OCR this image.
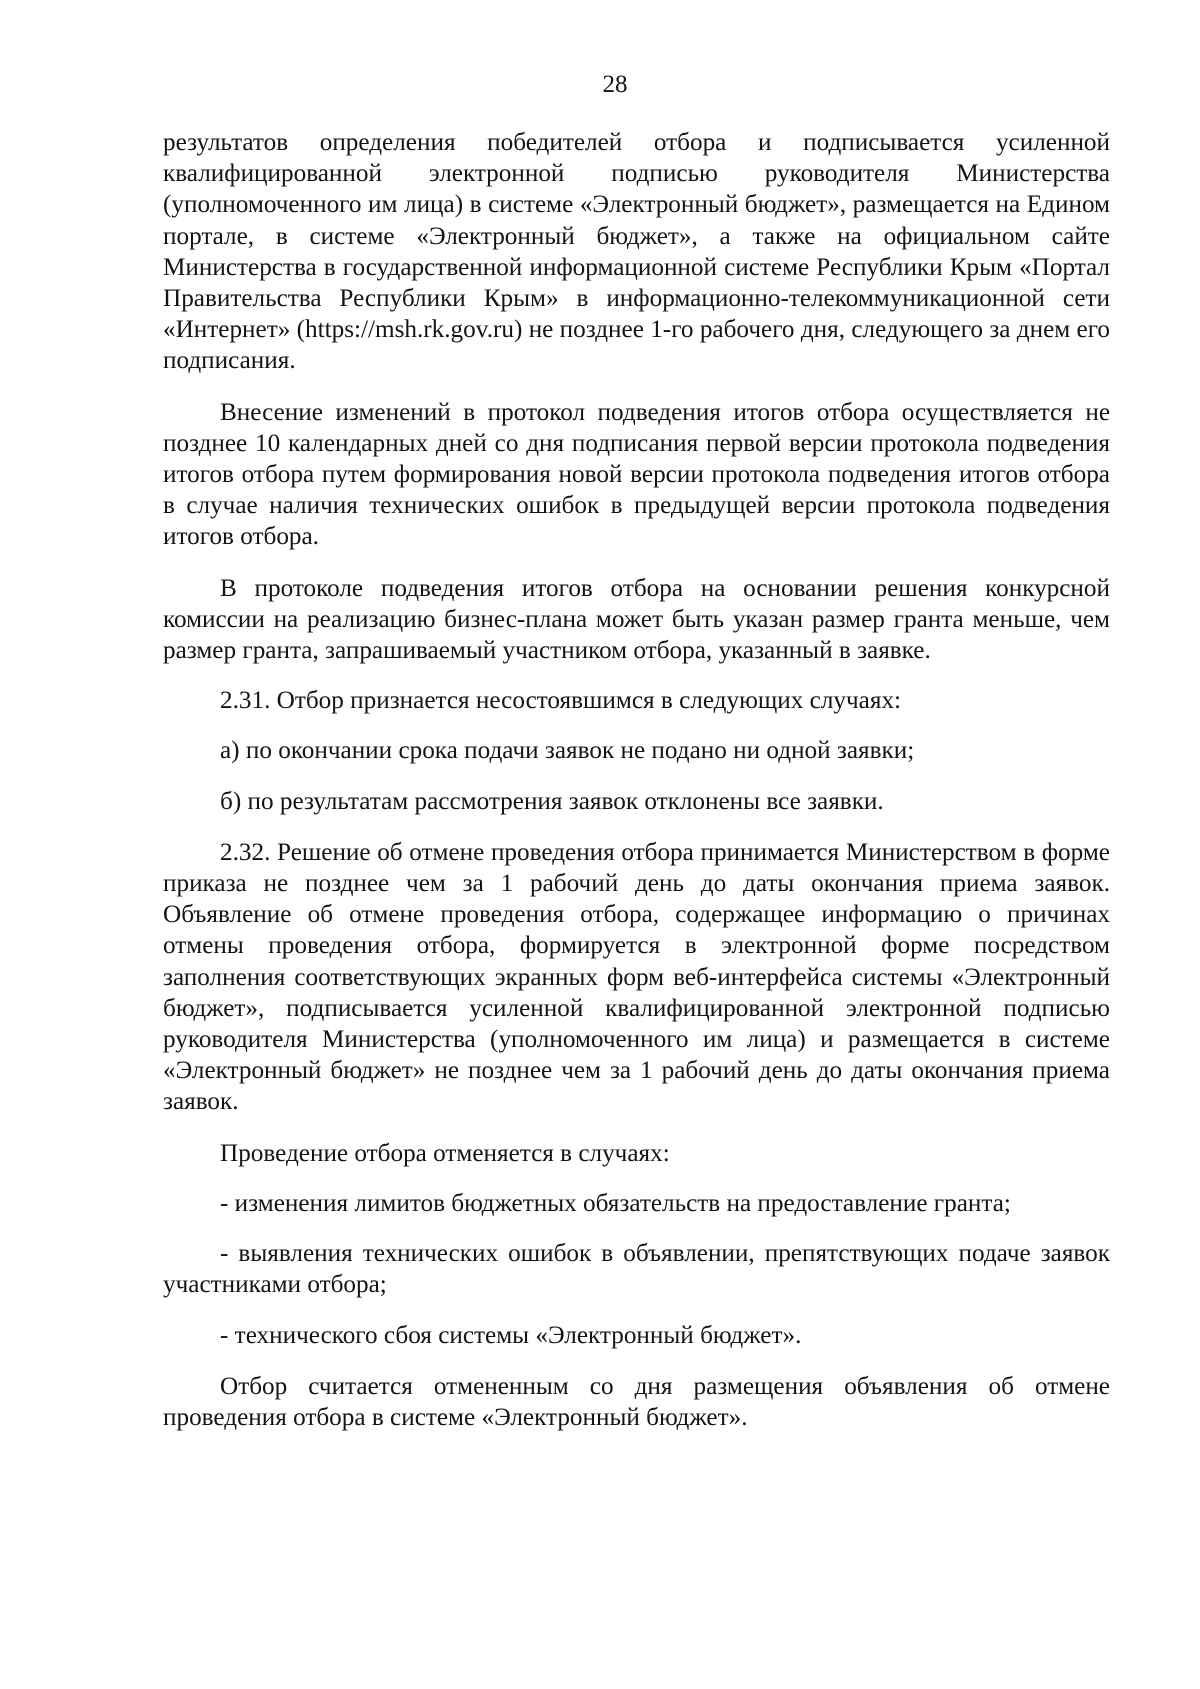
28

результатов определения победителей отбора и подписывается усиленной квалифицированной электронной подписью руководителя Министерства (уполномоченного им лица) в системе «Электронный бюджет», размещается на Едином портале, в системе «Электронный бюджет», а также на официальном сайте Министерства в государственной информационной системе Республики Крым «Портал Правительства Республики Крым» в информационно-телекоммуникационной сети «Интернет» (https://msh.rk.gov.ru) не позднее 1-го рабочего дня, следующего за днем его подписания.

Внесение изменений в протокол подведения итогов отбора осуществляется не позднее 10 календарных дней со дня подписания первой версии протокола подведения итогов отбора путем формирования новой версии протокола подведения итогов отбора в случае наличия технических ошибок в предыдущей версии протокола подведения итогов отбора.

В протоколе подведения итогов отбора на основании решения конкурсной комиссии на реализацию бизнес-плана может быть указан размер гранта меньше, чем размер гранта, запрашиваемый участником отбора, указанный в заявке.

2.31. Отбор признается несостоявшимся в следующих случаях:

а) по окончании срока подачи заявок не подано ни одной заявки;

б) по результатам рассмотрения заявок отклонены все заявки.

2.32. Решение об отмене проведения отбора принимается Министерством в форме приказа не позднее чем за 1 рабочий день до даты окончания приема заявок. Объявление об отмене проведения отбора, содержащее информацию о причинах отмены проведения отбора, формируется в электронной форме посредством заполнения соответствующих экранных форм веб-интерфейса системы «Электронный бюджет», подписывается усиленной квалифицированной электронной подписью руководителя Министерства (уполномоченного им лица) и размещается в системе «Электронный бюджет» не позднее чем за 1 рабочий день до даты окончания приема заявок.

Проведение отбора отменяется в случаях:

- изменения лимитов бюджетных обязательств на предоставление гранта;

- выявления технических ошибок в объявлении, препятствующих подаче заявок участниками отбора;

- технического сбоя системы «Электронный бюджет».

Отбор считается отмененным со дня размещения объявления об отмене проведения отбора в системе «Электронный бюджет».
